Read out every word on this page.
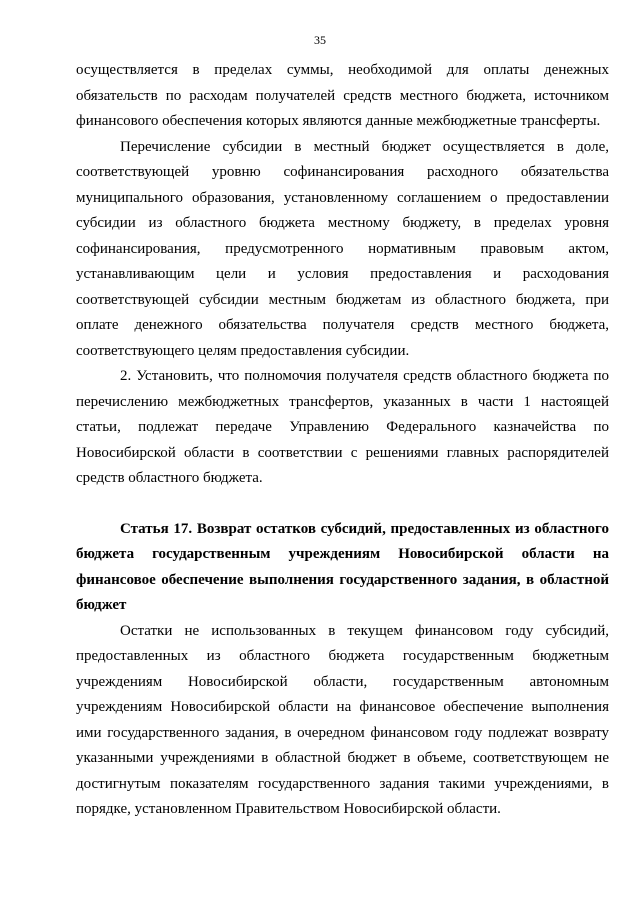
35

осуществляется в пределах суммы, необходимой для оплаты денежных обязательств по расходам получателей средств местного бюджета, источником финансового обеспечения которых являются данные межбюджетные трансферты.

Перечисление субсидии в местный бюджет осуществляется в доле, соответствующей уровню софинансирования расходного обязательства муниципального образования, установленному соглашением о предоставлении субсидии из областного бюджета местному бюджету, в пределах уровня софинансирования, предусмотренного нормативным правовым актом, устанавливающим цели и условия предоставления и расходования соответствующей субсидии местным бюджетам из областного бюджета, при оплате денежного обязательства получателя средств местного бюджета, соответствующего целям предоставления субсидии.

2. Установить, что полномочия получателя средств областного бюджета по перечислению межбюджетных трансфертов, указанных в части 1 настоящей статьи, подлежат передаче Управлению Федерального казначейства по Новосибирской области в соответствии с решениями главных распорядителей средств областного бюджета.

Статья 17. Возврат остатков субсидий, предоставленных из областного бюджета государственным учреждениям Новосибирской области на финансовое обеспечение выполнения государственного задания, в областной бюджет

Остатки не использованных в текущем финансовом году субсидий, предоставленных из областного бюджета государственным бюджетным учреждениям Новосибирской области, государственным автономным учреждениям Новосибирской области на финансовое обеспечение выполнения ими государственного задания, в очередном финансовом году подлежат возврату указанными учреждениями в областной бюджет в объеме, соответствующем не достигнутым показателям государственного задания такими учреждениями, в порядке, установленном Правительством Новосибирской области.
